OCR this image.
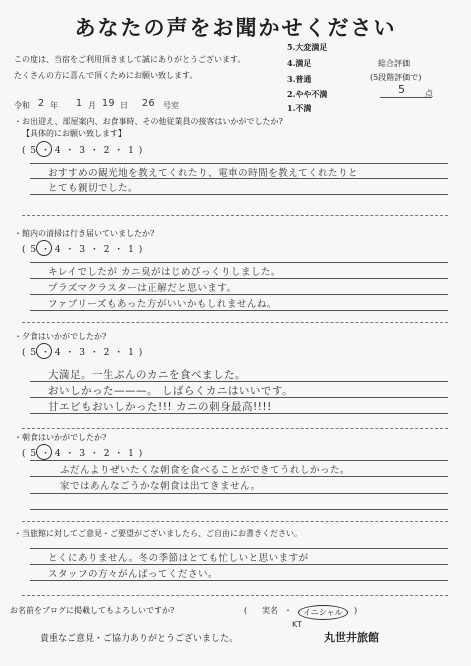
あなたの声をお聞かせください
この度は、当宿をご利用頂きまして誠にありがとうございます。
たくさんの方に喜んで頂くためにお願い致します。
5.大変満足
4.満足
3.普通
2.やや不満
1.不満
総合評価
(5段階評価で)
5 点
令和 2 年 1 月 19 日 26 号室
・お出迎え、部屋案内、お食事時、その他従業員の接客はいかがでしたか?
【具体的にお願い致します】
( 5 ・ 4 ・ 3 ・ 2 ・ 1 )
おすすめの観光地を教えてくれたり、電車の時間を教えてくれたりと
とても親切でした。
・館内の清掃は行き届いていましたか?
( 5 ・ 4 ・ 3 ・ 2 ・ 1 )
キレイでしたが カニ臭がはじめびっくりしました。
プラズマクラスターは正解だと思います。
ファブリーズもあった方がいいかもしれませんね。
・夕食はいかがでしたか?
( 5 ・ 4 ・ 3 ・ 2 ・ 1 )
大満足。一生ぶんのカニを食べました。
おいしかった———。 しばらくカニはいいです。
甘エビもおいしかった!!! カニの刺身最高!!!!
・朝食はいかがでしたか?
( 5 ・ 4 ・ 3 ・ 2 ・ 1 )
ふだんよりぜいたくな朝食を食べることができてうれしかった。
家ではあんなごうかな朝食は出てきません。
・当旅館に対してご意見・ご要望がございましたら、ご自由にお書きください。
とくにありません。冬の季節はとても忙しいと思いますが
スタッフの方々がんばってください。
お名前をブログに掲載してもよろしいですか?	( 実名 ・	イニシャル	)
KT
貴重なご意見・ご協力ありがとうございました。	丸世井旅館
